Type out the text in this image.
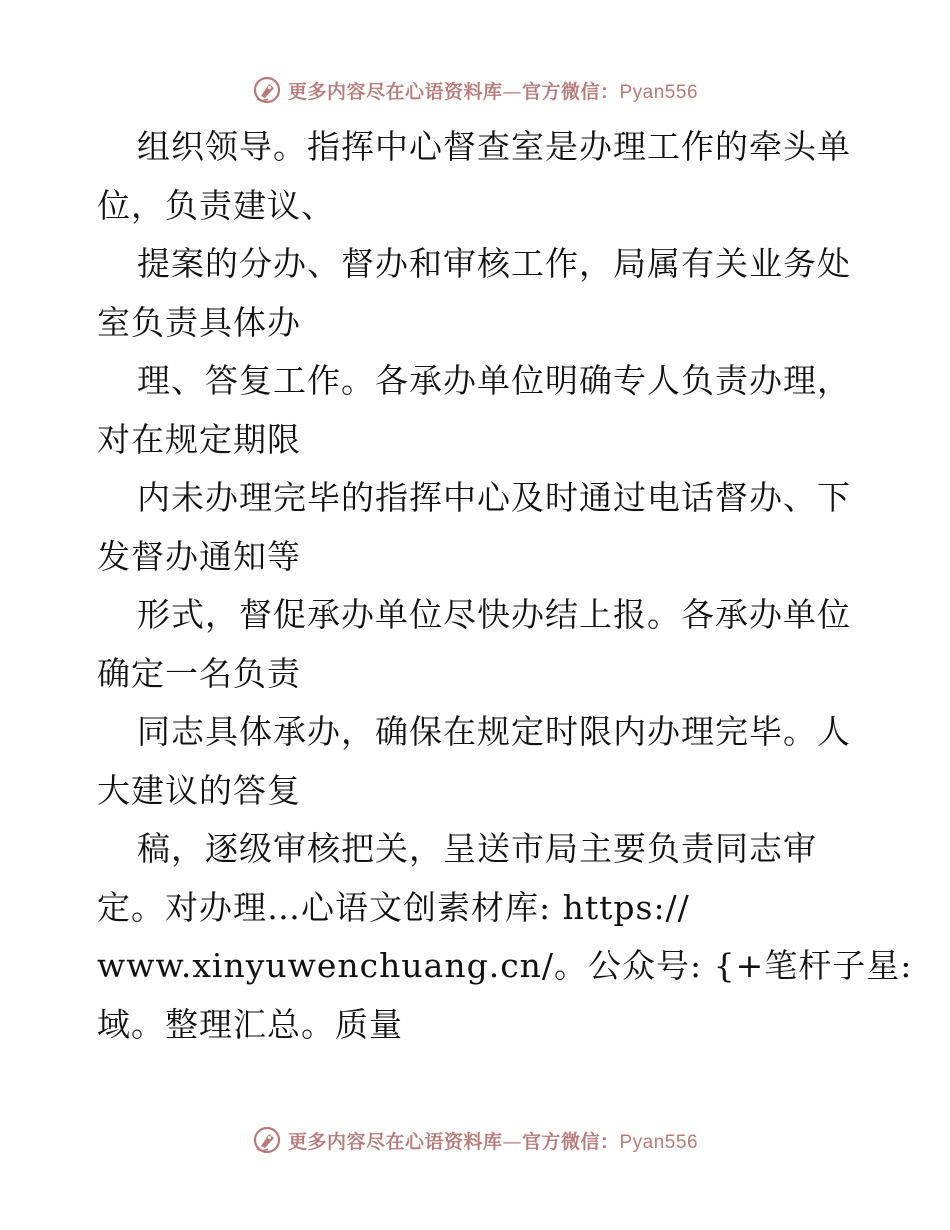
更多内容尽在心语资料库—官方微信：Pyan556
组织领导。指挥中心督查室是办理工作的牵头单
位，负责建议、
提案的分办、督办和审核工作，局属有关业务处
室负责具体办
理、答复工作。各承办单位明确专人负责办理，
对在规定期限
内未办理完毕的指挥中心及时通过电话督办、下
发督办通知等
形式，督促承办单位尽快办结上报。各承办单位
确定一名负责
同志具体承办，确保在规定时限内办理完毕。人
大建议的答复
稿，逐级审核把关，呈送市局主要负责同志审
定。对办理…心语文创素材库: https://
www.xinyuwenchuang.cn/。公众号: {+笔杆子星:
域。整理汇总。质量
更多内容尽在心语资料库—官方微信：Pyan556
